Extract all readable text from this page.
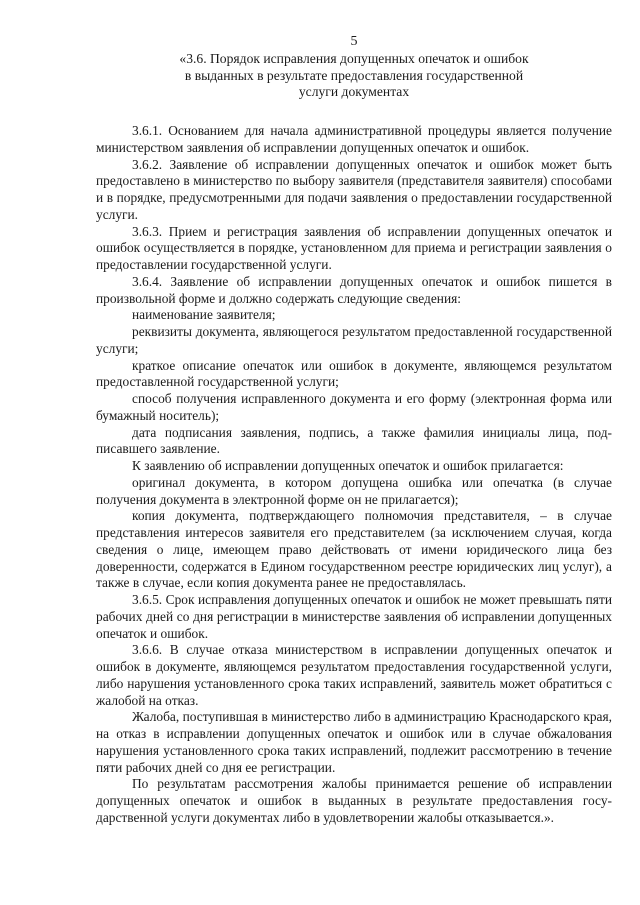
5
«3.6. Порядок исправления допущенных опечаток и ошибок
в выданных в результате предоставления государственной
услуги документах

3.6.1. Основанием для начала административной процедуры является получение министерством заявления об исправлении допущенных опечаток и ошибок.

3.6.2. Заявление об исправлении допущенных опечаток и ошибок может быть предоставлено в министерство по выбору заявителя (представителя заявителя) способами и в порядке, предусмотренными для подачи заявления о предоставлении государственной услуги.

3.6.3. Прием и регистрация заявления об исправлении допущенных опечаток и ошибок осуществляется в порядке, установленном для приема и регистрации заявления о предоставлении государственной услуги.

3.6.4. Заявление об исправлении допущенных опечаток и ошибок пишется в произвольной форме и должно содержать следующие сведения:

наименование заявителя;

реквизиты документа, являющегося результатом предоставленной государственной услуги;

краткое описание опечаток или ошибок в документе, являющемся результатом предоставленной государственной услуги;

способ получения исправленного документа и его форму (электронная форма или бумажный носитель);

дата подписания заявления, подпись, а также фамилия инициалы лица, подписавшего заявление.

К заявлению об исправлении допущенных опечаток и ошибок прилагается:

оригинал документа, в котором допущена ошибка или опечатка (в случае получения документа в электронной форме он не прилагается);

копия документа, подтверждающего полномочия представителя, – в случае представления интересов заявителя его представителем (за исключением случая, когда сведения о лице, имеющем право действовать от имени юридического лица без доверенности, содержатся в Едином государственном реестре юридических лиц услуг), а также в случае, если копия документа ранее не предоставлялась.

3.6.5. Срок исправления допущенных опечаток и ошибок не может превышать пяти рабочих дней со дня регистрации в министерстве заявления об исправлении допущенных опечаток и ошибок.

3.6.6. В случае отказа министерством в исправлении допущенных опечаток и ошибок в документе, являющемся результатом предоставления государственной услуги, либо нарушения установленного срока таких исправлений, заявитель может обратиться с жалобой на отказ.

Жалоба, поступившая в министерство либо в администрацию Краснодарского края, на отказ в исправлении допущенных опечаток и ошибок или в случае обжалования нарушения установленного срока таких исправлений, подлежит рассмотрению в течение пяти рабочих дней со дня ее регистрации.

По результатам рассмотрения жалобы принимается решение об исправлении допущенных опечаток и ошибок в выданных в результате предоставления государственной услуги документах либо в удовлетворении жалобы отказывается.».
